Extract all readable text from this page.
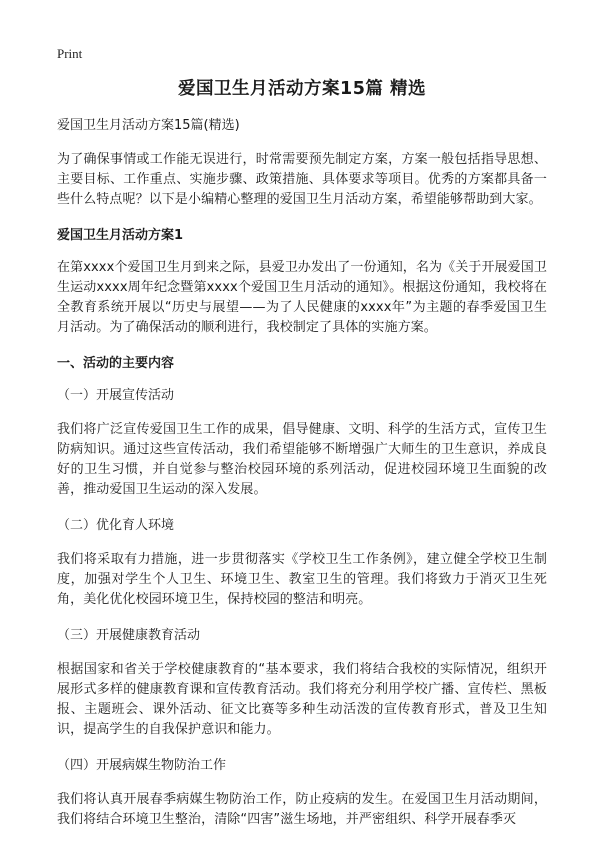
Print
爱国卫生月活动方案15篇 精选
爱国卫生月活动方案15篇(精选)

为了确保事情或工作能无误进行，时常需要预先制定方案，方案一般包括指导思想、主要目标、工作重点、实施步骤、政策措施、具体要求等项目。优秀的方案都具备一些什么特点呢？以下是小编精心整理的爱国卫生月活动方案，希望能够帮助到大家。

爱国卫生月活动方案1

在第xxxx个爱国卫生月到来之际，县爱卫办发出了一份通知，名为《关于开展爱国卫生运动xxxx周年纪念暨第xxxx个爱国卫生月活动的通知》。根据这份通知，我校将在全教育系统开展以“历史与展望——为了人民健康的xxxx年”为主题的春季爱国卫生月活动。为了确保活动的顺利进行，我校制定了具体的实施方案。

一、活动的主要内容
（一）开展宣传活动

我们将广泛宣传爱国卫生工作的成果，倡导健康、文明、科学的生活方式，宣传卫生防病知识。通过这些宣传活动，我们希望能够不断增强广大师生的卫生意识，养成良好的卫生习惯，并自觉参与整治校园环境的系列活动，促进校园环境卫生面貌的改善，推动爱国卫生运动的深入发展。

（二）优化育人环境

我们将采取有力措施，进一步贯彻落实《学校卫生工作条例》，建立健全学校卫生制度，加强对学生个人卫生、环境卫生、教室卫生的管理。我们将致力于消灭卫生死角，美化优化校园环境卫生，保持校园的整洁和明亮。

（三）开展健康教育活动

根据国家和省关于学校健康教育的“基本要求，我们将结合我校的实际情况，组织开展形式多样的健康教育课和宣传教育活动。我们将充分利用学校广播、宣传栏、黑板报、主题班会、课外活动、征文比赛等多种生动活泼的宣传教育形式，普及卫生知识，提高学生的自我保护意识和能力。

（四）开展病媒生物防治工作

我们将认真开展春季病媒生物防治工作，防止疫病的发生。在爱国卫生月活动期间，我们将结合环境卫生整治，清除“四害”滋生场地，并严密组织、科学开展春季灭
